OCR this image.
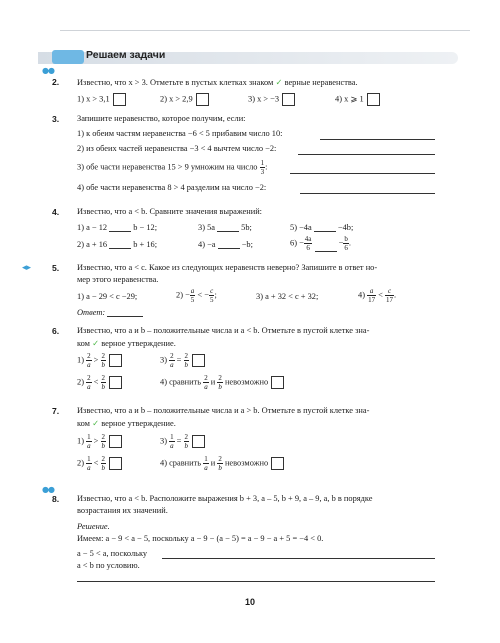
Решаем задачи
●●
2. Известно, что x > 3. Отметьте в пустых клетках знаком ✓ верные неравенства.
1) x > 3,1	2) x > 2,9	3) x > −3	4) x ⩾ 1
3. Запишите неравенство, которое получим, если:
1) к обеим частям неравенства −6 < 5 прибавим число 10:
2) из обеих частей неравенства −3 < 4 вычтем число −2:
3) обе части неравенства 15 > 9 умножим на число $\frac{1}{3}$ :
4) обе части неравенства 8 > 4 разделим на число −2:
4. Известно, что a < b. Сравните значения выражений:
1) a − 12	b − 12;	3) 5a	5b;	5) −4a	−4b;
2) a + 16	b + 16;	4) −a	−b;	$6) - \frac{4a}{6}$	− $\frac{b}{6}$ .
◂▸ 5. Известно, что a < c. Какое из следующих неравенств неверно? Запишите в ответ но-
мер этого неравенства.
1) a − 29 < c −29;	$2) - \frac{a}{5}$ < − $\frac{c}{5}$ ;	3) a + 32 < c + 32;	$4) \frac{a}{17} < \frac{c}{17}$ .
Ответ:
6. Известно, что a и b – положительные числа и a < b. Отметьте в пустой клетке зна-
ком ✓ верное утверждение.
$1) \frac{2}{a} > \frac{2}{b}$	$3) \frac{2}{a} = \frac{2}{b}$
$2) \frac{2}{a} < \frac{2}{b}$	4) сравнить $\frac{2}{a}$ и $\frac{2}{b}$ невозможно
7. Известно, что a и b – положительные числа и a > b. Отметьте в пустой клетке зна-
ком ✓ верное утверждение.
$1) \frac{1}{a} > \frac{2}{b}$	$3) \frac{1}{a} = \frac{2}{b}$
$2) \frac{1}{a} < \frac{2}{b}$	4) сравнить $\frac{1}{a}$ и $\frac{2}{b}$ невозможно
●●
8. Известно, что a < b. Расположите выражения b + 3, a – 5, b + 9, a – 9, a, b в порядке
возрастания их значений.
Решение.
Имеем: a − 9 < a − 5, поскольку a − 9 − (a − 5) = a − 9 − a + 5 = −4 < 0.
a − 5 < a, поскольку
a < b по условию.
10
